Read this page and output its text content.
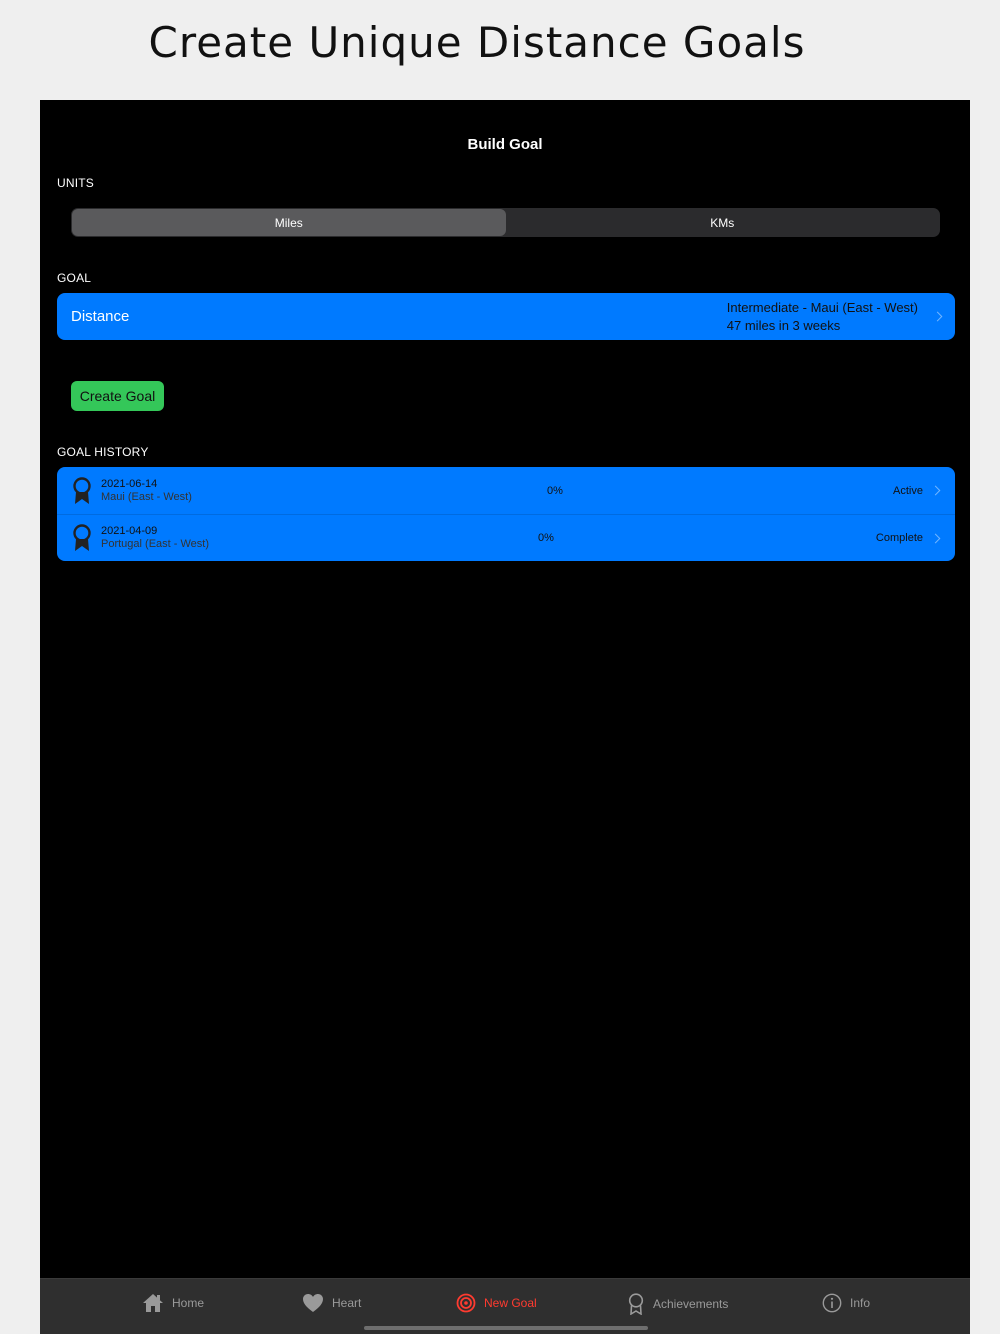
Create Unique Distance Goals
Build Goal
UNITS
Miles	KMs
GOAL
Distance
Intermediate - Maui (East - West)
47 miles in 3 weeks
Create Goal
GOAL HISTORY
2021-06-14
Maui (East - West)	0%	Active
2021-04-09
Portugal (East - West)	0%	Complete
Home	Heart	New Goal	Achievements	Info
